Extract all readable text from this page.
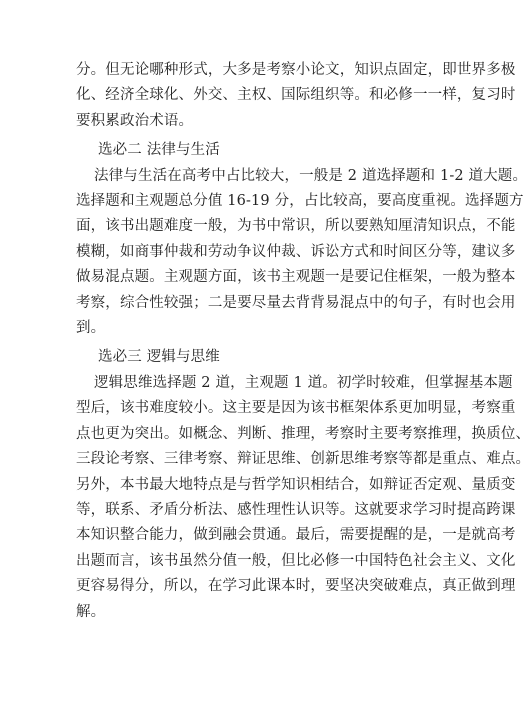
分。但无论哪种形式，大多是考察小论文，知识点固定，即世界多极
化、经济全球化、外交、主权、国际组织等。和必修一一样，复习时
要积累政治术语。
选必二 法律与生活
法律与生活在高考中占比较大，一般是 2 道选择题和 1-2 道大题。
选择题和主观题总分值 16-19 分，占比较高，要高度重视。选择题方
面，该书出题难度一般，为书中常识，所以要熟知厘清知识点，不能
模糊，如商事仲裁和劳动争议仲裁、诉讼方式和时间区分等，建议多
做易混点题。主观题方面，该书主观题一是要记住框架，一般为整本
考察，综合性较强；二是要尽量去背背易混点中的句子，有时也会用
到。
选必三 逻辑与思维
逻辑思维选择题 2 道，主观题 1 道。初学时较难，但掌握基本题
型后，该书难度较小。这主要是因为该书框架体系更加明显，考察重
点也更为突出。如概念、判断、推理，考察时主要考察推理，换质位、
三段论考察、三律考察、辩证思维、创新思维考察等都是重点、难点。
另外，本书最大地特点是与哲学知识相结合，如辩证否定观、量质变
等，联系、矛盾分析法、感性理性认识等。这就要求学习时提高跨课
本知识整合能力，做到融会贯通。最后，需要提醒的是，一是就高考
出题而言，该书虽然分值一般，但比必修一中国特色社会主义、文化
更容易得分，所以，在学习此课本时，要坚决突破难点，真正做到理
解。
